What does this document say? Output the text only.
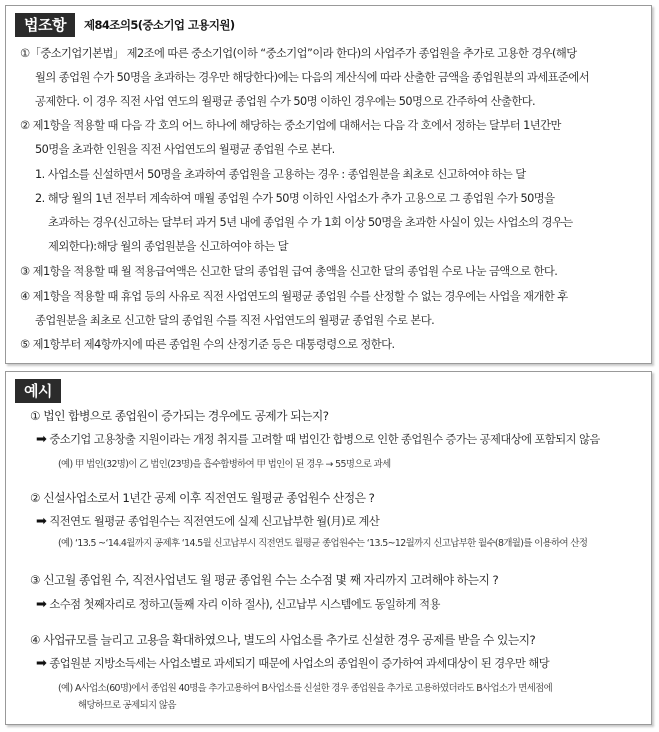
법조항	제84조의5(중소기업 고용지원)
①「중소기업기본법」 제2조에 따른 중소기업(이하 “중소기업”이라 한다)의 사업주가 종업원을 추가로 고용한 경우(해당
월의 종업원 수가 50명을 초과하는 경우만 해당한다)에는 다음의 계산식에 따라 산출한 금액을 종업원분의 과세표준에서
공제한다. 이 경우 직전 사업 연도의 월평균 종업원 수가 50명 이하인 경우에는 50명으로 간주하여 산출한다.
② 제1항을 적용할 때 다음 각 호의 어느 하나에 해당하는 중소기업에 대해서는 다음 각 호에서 정하는 달부터 1년간만
50명을 초과한 인원을 직전 사업연도의 월평균 종업원 수로 본다.
1. 사업소를 신설하면서 50명을 초과하여 종업원을 고용하는 경우 : 종업원분을 최초로 신고하여야 하는 달
2. 해당 월의 1년 전부터 계속하여 매월 종업원 수가 50명 이하인 사업소가 추가 고용으로 그 종업원 수가 50명을
초과하는 경우(신고하는 달부터 과거 5년 내에 종업원 수 가 1회 이상 50명을 초과한 사실이 있는 사업소의 경우는
제외한다):해당 월의 종업원분을 신고하여야 하는 달
③ 제1항을 적용할 때 월 적용급여액은 신고한 달의 종업원 급여 총액을 신고한 달의 종업원 수로 나눈 금액으로 한다.
④ 제1항을 적용할 때 휴업 등의 사유로 직전 사업연도의 월평균 종업원 수를 산정할 수 없는 경우에는 사업을 재개한 후
종업원분을 최초로 신고한 달의 종업원 수를 직전 사업연도의 월평균 종업원 수로 본다.
⑤ 제1항부터 제4항까지에 따른 종업원 수의 산정기준 등은 대통령령으로 정한다.
예시
① 법인 합병으로 종업원이 증가되는 경우에도 공제가 되는지?
➡ 중소기업 고용창출 지원이라는 개정 취지를 고려할 때 법인간 합병으로 인한 종업원수 증가는 공제대상에 포함되지 않음
(예) 甲 법인(32명)이 乙 법인(23명)을 흡수합병하여 甲 법인이 된 경우 → 55명으로 과세
② 신설사업소로서 1년간 공제 이후 직전연도 월평균 종업원수 산정은 ?
➡ 직전연도 월평균 종업원수는 직전연도에 실제 신고납부한 월(月)로 계산
(예) ‘13.5 ~‘14.4월까지 공제후 ‘14.5월 신고납부시 직전연도 월평균 종업원수는 ‘13.5~12월까지 신고납부한 월수(8개월)를 이용하여 산정
③ 신고월 종업원 수, 직전사업년도 월 평균 종업원 수는 소수점 몇 째 자리까지 고려해야 하는지 ?
➡ 소수점 첫째자리로 정하고(둘째 자리 이하 절사), 신고납부 시스템에도 동일하게 적용
④ 사업규모를 늘리고 고용을 확대하였으나, 별도의 사업소를 추가로 신설한 경우 공제를 받을 수 있는지?
➡ 종업원분 지방소득세는 사업소별로 과세되기 때문에 사업소의 종업원이 증가하여 과세대상이 된 경우만 해당
(예) A사업소(60명)에서 종업원 40명을 추가고용하여 B사업소를 신설한 경우 종업원을 추가로 고용하였더라도 B사업소가 면세점에
해당하므로 공제되지 않음
